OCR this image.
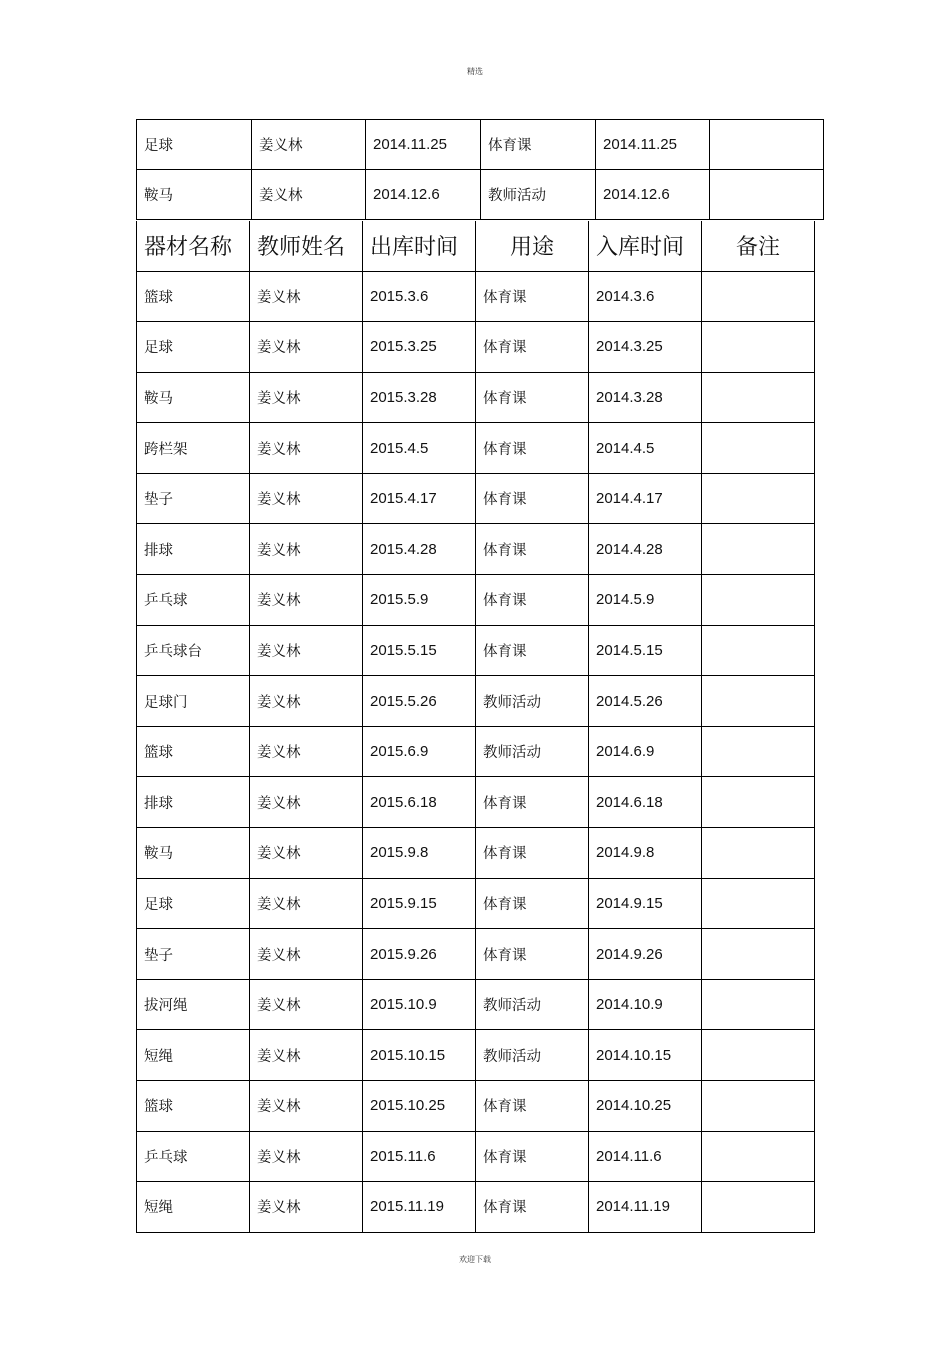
精选
足球	姜义林	2014.11.25	体育课	2014.11.25	
鞍马	姜义林	2014.12.6	教师活动	2014.12.6	
器材名称	教师姓名	出库时间	用途	入库时间	备注
篮球	姜义林	2015.3.6	体育课	2014.3.6	
足球	姜义林	2015.3.25	体育课	2014.3.25	
鞍马	姜义林	2015.3.28	体育课	2014.3.28	
跨栏架	姜义林	2015.4.5	体育课	2014.4.5	
垫子	姜义林	2015.4.17	体育课	2014.4.17	
排球	姜义林	2015.4.28	体育课	2014.4.28	
乒乓球	姜义林	2015.5.9	体育课	2014.5.9	
乒乓球台	姜义林	2015.5.15	体育课	2014.5.15	
足球门	姜义林	2015.5.26	教师活动	2014.5.26	
篮球	姜义林	2015.6.9	教师活动	2014.6.9	
排球	姜义林	2015.6.18	体育课	2014.6.18	
鞍马	姜义林	2015.9.8	体育课	2014.9.8	
足球	姜义林	2015.9.15	体育课	2014.9.15	
垫子	姜义林	2015.9.26	体育课	2014.9.26	
拔河绳	姜义林	2015.10.9	教师活动	2014.10.9	
短绳	姜义林	2015.10.15	教师活动	2014.10.15	
篮球	姜义林	2015.10.25	体育课	2014.10.25	
乒乓球	姜义林	2015.11.6	体育课	2014.11.6	
短绳	姜义林	2015.11.19	体育课	2014.11.19	
欢迎下载
